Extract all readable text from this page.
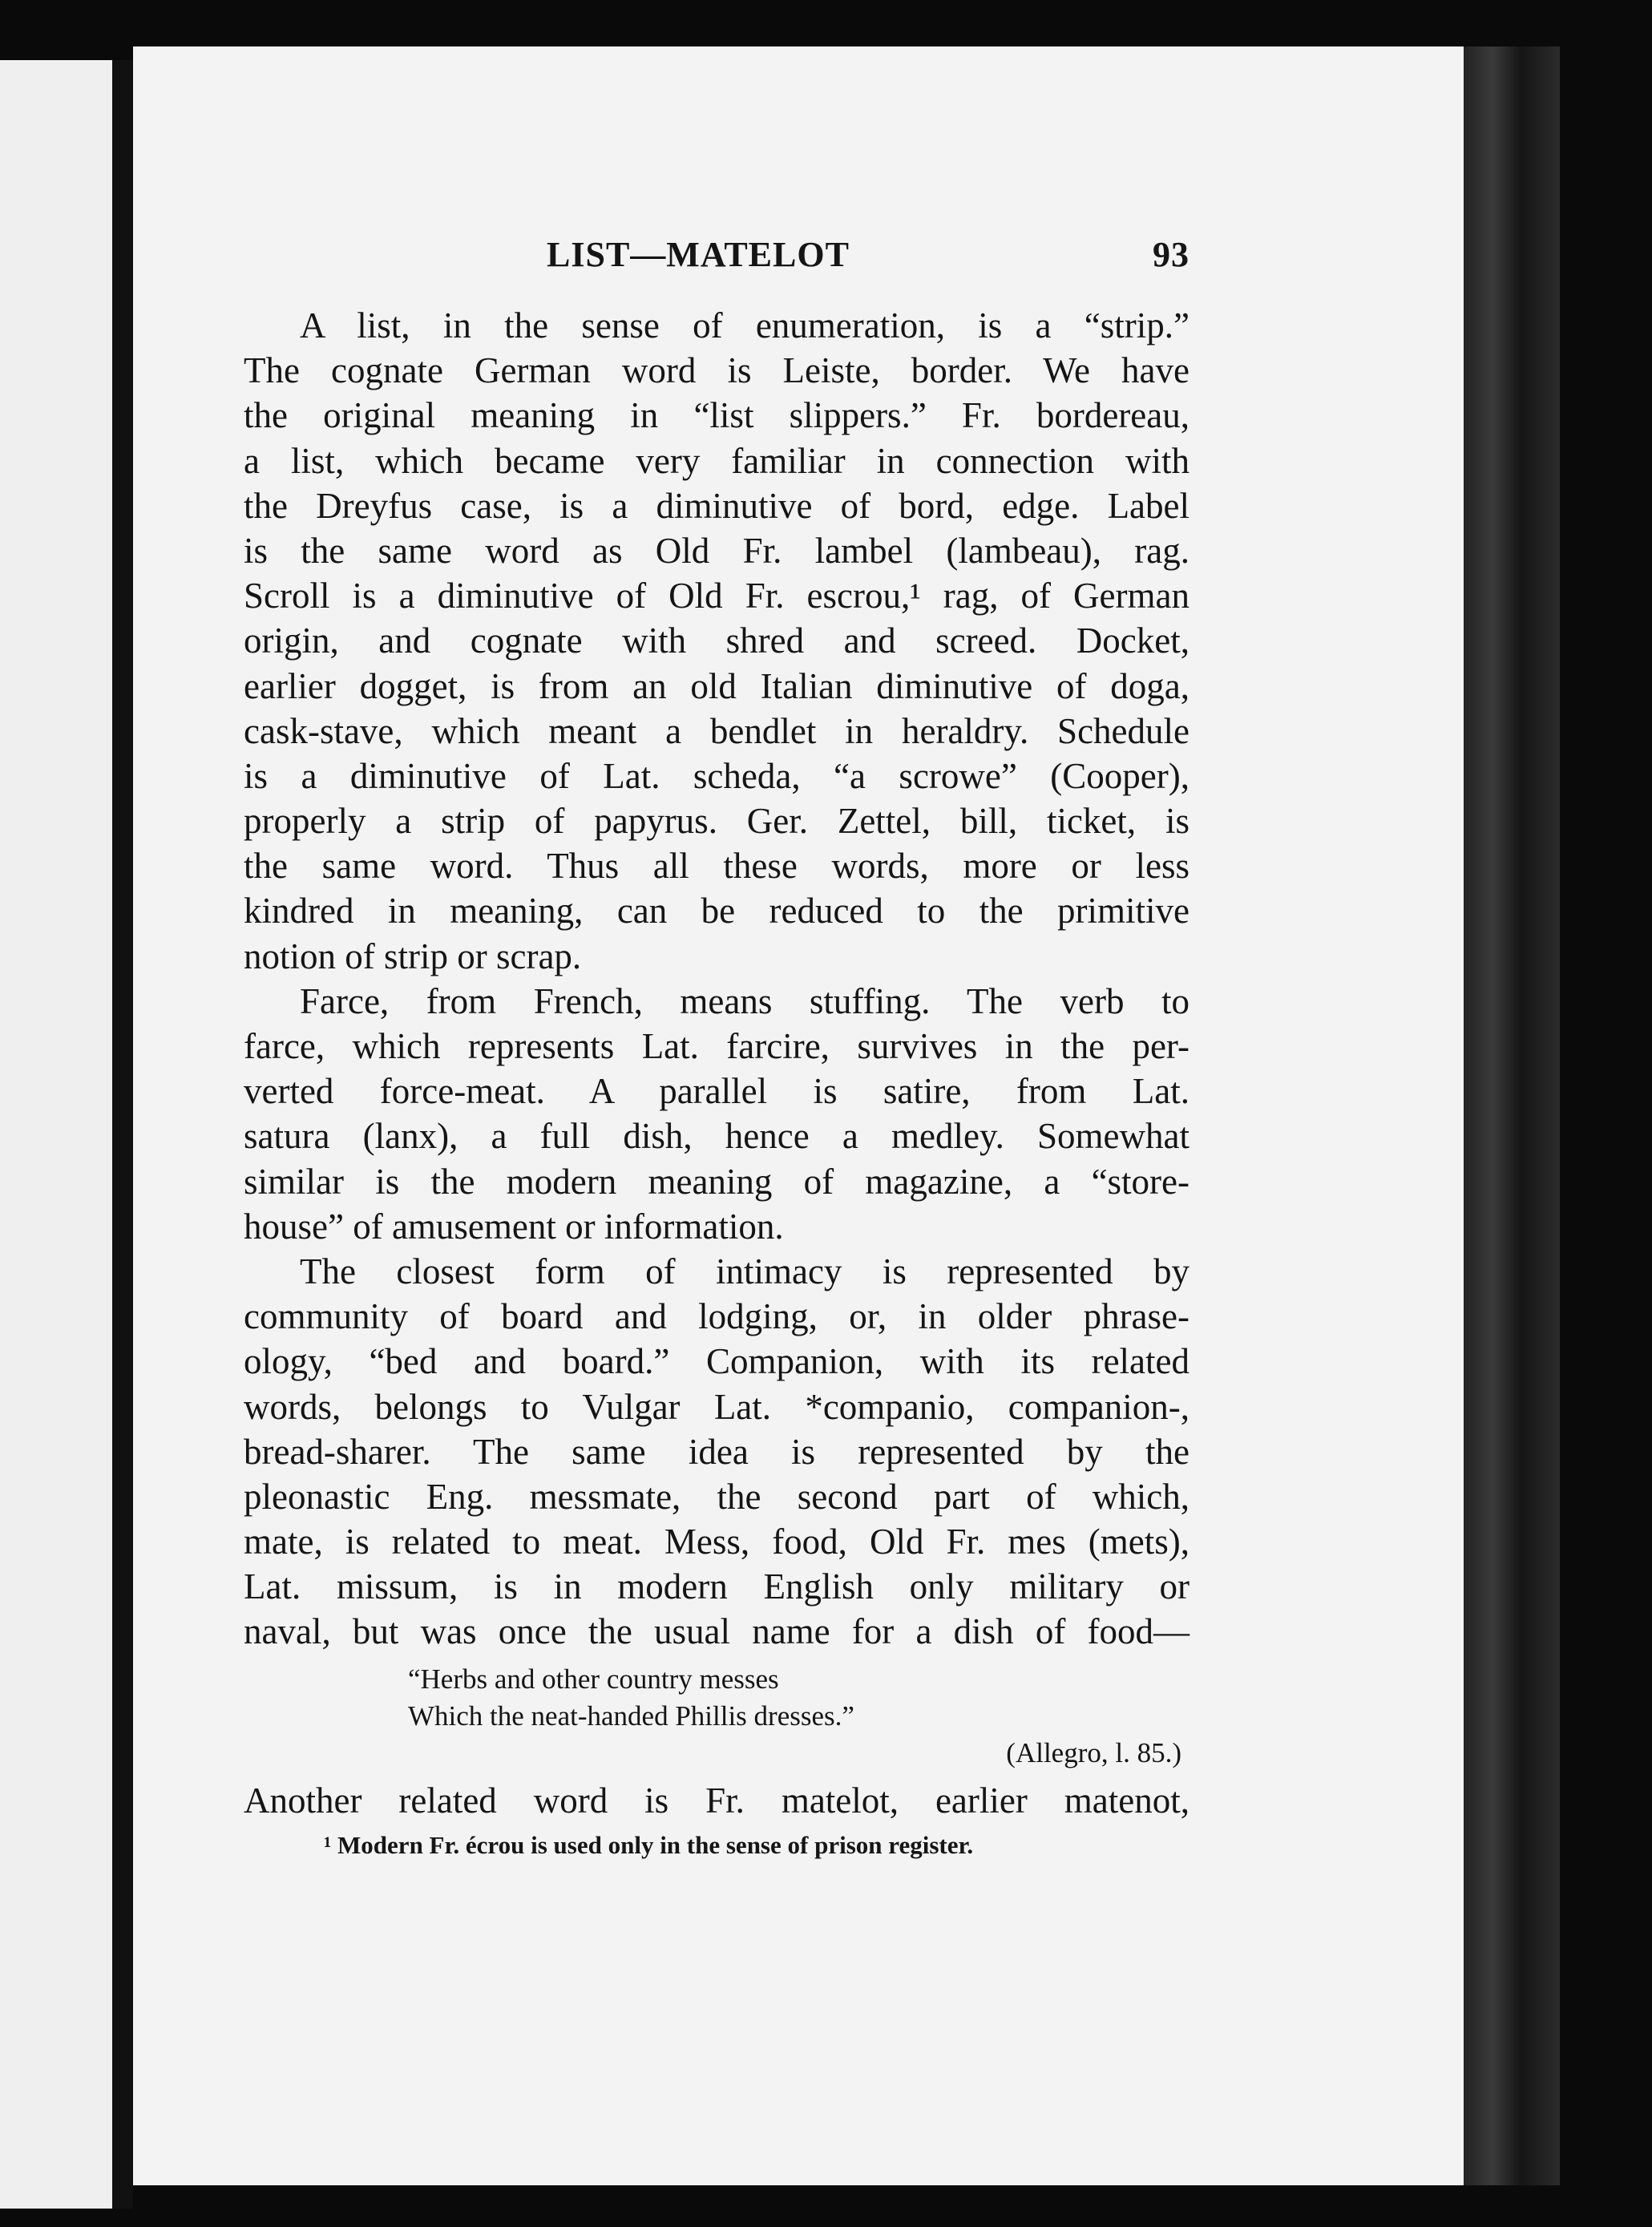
LIST—MATELOT	93
A list, in the sense of enumeration, is a “strip.”
The cognate German word is Leiste, border. We have
the original meaning in “list slippers.” Fr. bordereau,
a list, which became very familiar in connection with
the Dreyfus case, is a diminutive of bord, edge. Label
is the same word as Old Fr. lambel (lambeau), rag.
Scroll is a diminutive of Old Fr. escrou,¹ rag, of German
origin, and cognate with shred and screed. Docket,
earlier dogget, is from an old Italian diminutive of doga,
cask-stave, which meant a bendlet in heraldry. Schedule
is a diminutive of Lat. scheda, “a scrowe” (Cooper),
properly a strip of papyrus. Ger. Zettel, bill, ticket, is
the same word. Thus all these words, more or less
kindred in meaning, can be reduced to the primitive
notion of strip or scrap.
Farce, from French, means stuffing. The verb to
farce, which represents Lat. farcire, survives in the per-
verted force-meat. A parallel is satire, from Lat.
satura (lanx), a full dish, hence a medley. Somewhat
similar is the modern meaning of magazine, a “store-
house” of amusement or information.
The closest form of intimacy is represented by
community of board and lodging, or, in older phrase-
ology, “bed and board.” Companion, with its related
words, belongs to Vulgar Lat. *companio, companion-,
bread-sharer. The same idea is represented by the
pleonastic Eng. messmate, the second part of which,
mate, is related to meat. Mess, food, Old Fr. mes (mets),
Lat. missum, is in modern English only military or
naval, but was once the usual name for a dish of food—
“Herbs and other country messes
Which the neat-handed Phillis dresses.”
(Allegro, l. 85.)
Another related word is Fr. matelot, earlier matenot,
¹ Modern Fr. écrou is used only in the sense of prison register.
